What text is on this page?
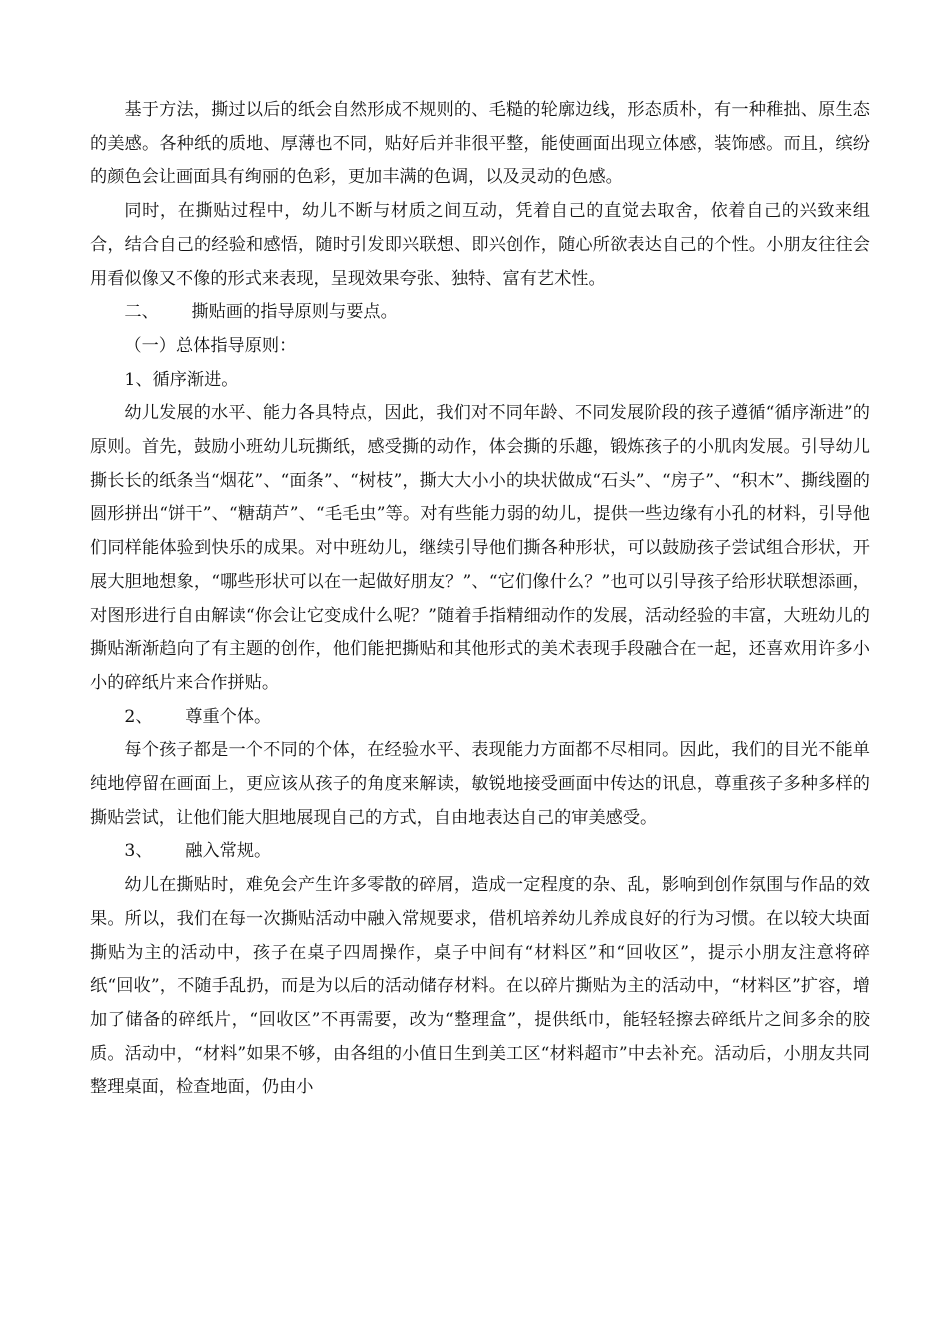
基于方法，撕过以后的纸会自然形成不规则的、毛糙的轮廓边线，形态质朴，有一种稚拙、原生态的美感。各种纸的质地、厚薄也不同，贴好后并非很平整，能使画面出现立体感，装饰感。而且，缤纷的颜色会让画面具有绚丽的色彩，更加丰满的色调，以及灵动的色感。

同时，在撕贴过程中，幼儿不断与材质之间互动，凭着自己的直觉去取舍，依着自己的兴致来组合，结合自己的经验和感悟，随时引发即兴联想、即兴创作，随心所欲表达自己的个性。小朋友往往会用看似像又不像的形式来表现，呈现效果夸张、独特、富有艺术性。

二、      撕贴画的指导原则与要点。

（一）总体指导原则：

1、循序渐进。

幼儿发展的水平、能力各具特点，因此，我们对不同年龄、不同发展阶段的孩子遵循“循序渐进”的原则。首先，鼓励小班幼儿玩撕纸，感受撕的动作，体会撕的乐趣，锻炼孩子的小肌肉发展。引导幼儿撕长长的纸条当“烟花”、“面条”、“树枝”，撕大大小小的块状做成“石头”、“房子”、“积木”、撕线圈的圆形拼出“饼干”、“糖葫芦”、“毛毛虫”等。对有些能力弱的幼儿，提供一些边缘有小孔的材料，引导他们同样能体验到快乐的成果。对中班幼儿，继续引导他们撕各种形状，可以鼓励孩子尝试组合形状，开展大胆地想象，“哪些形状可以在一起做好朋友？”、“它们像什么？”也可以引导孩子给形状联想添画，对图形进行自由解读“你会让它变成什么呢？”随着手指精细动作的发展，活动经验的丰富，大班幼儿的撕贴渐渐趋向了有主题的创作，他们能把撕贴和其他形式的美术表现手段融合在一起，还喜欢用许多小小的碎纸片来合作拼贴。

2、      尊重个体。

每个孩子都是一个不同的个体，在经验水平、表现能力方面都不尽相同。因此，我们的目光不能单纯地停留在画面上，更应该从孩子的角度来解读，敏锐地接受画面中传达的讯息，尊重孩子多种多样的撕贴尝试，让他们能大胆地展现自己的方式，自由地表达自己的审美感受。

3、      融入常规。

幼儿在撕贴时，难免会产生许多零散的碎屑，造成一定程度的杂、乱，影响到创作氛围与作品的效果。所以，我们在每一次撕贴活动中融入常规要求，借机培养幼儿养成良好的行为习惯。在以较大块面撕贴为主的活动中，孩子在桌子四周操作，桌子中间有“材料区”和“回收区”，提示小朋友注意将碎纸“回收”，不随手乱扔，而是为以后的活动储存材料。在以碎片撕贴为主的活动中，“材料区”扩容，增加了储备的碎纸片，“回收区”不再需要，改为“整理盒”，提供纸巾，能轻轻擦去碎纸片之间多余的胶质。活动中，“材料”如果不够，由各组的小值日生到美工区“材料超市”中去补充。活动后，小朋友共同整理桌面，检查地面，仍由小
